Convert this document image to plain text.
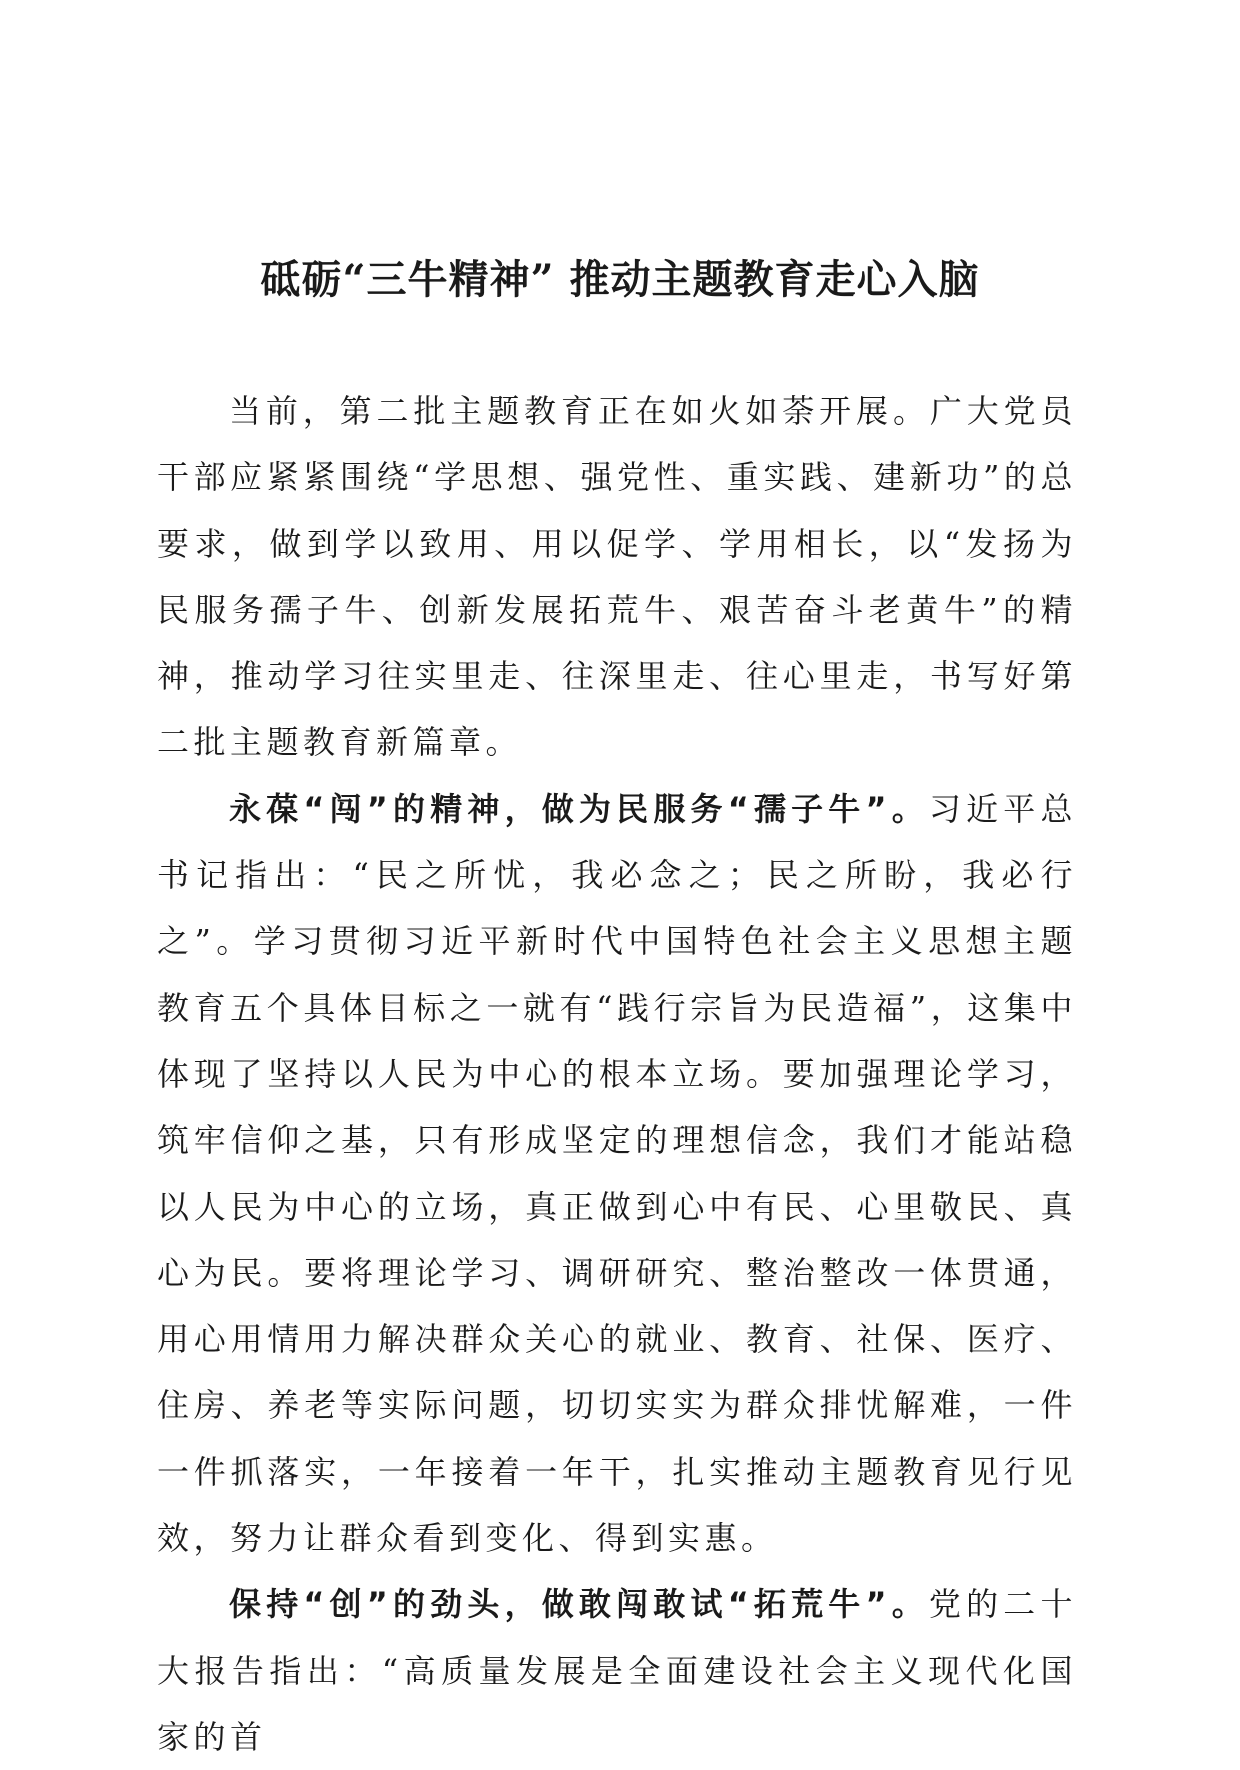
砥砺“三牛精神” 推动主题教育走心入脑

当前，第二批主题教育正在如火如荼开展。广大党员干部应紧紧围绕“学思想、强党性、重实践、建新功”的总要求，做到学以致用、用以促学、学用相长，以“发扬为民服务孺子牛、创新发展拓荒牛、艰苦奋斗老黄牛”的精神，推动学习往实里走、往深里走、往心里走，书写好第二批主题教育新篇章。

永葆“闯”的精神，做为民服务“孺子牛”。习近平总书记指出：“民之所忧，我必念之；民之所盼，我必行之”。学习贯彻习近平新时代中国特色社会主义思想主题教育五个具体目标之一就有“践行宗旨为民造福”，这集中体现了坚持以人民为中心的根本立场。要加强理论学习，筑牢信仰之基，只有形成坚定的理想信念，我们才能站稳以人民为中心的立场，真正做到心中有民、心里敬民、真心为民。要将理论学习、调研研究、整治整改一体贯通，用心用情用力解决群众关心的就业、教育、社保、医疗、住房、养老等实际问题，切切实实为群众排忧解难，一件一件抓落实，一年接着一年干，扎实推动主题教育见行见效，努力让群众看到变化、得到实惠。

保持“创”的劲头，做敢闯敢试“拓荒牛”。党的二十大报告指出：“高质量发展是全面建设社会主义现代化国家的首
